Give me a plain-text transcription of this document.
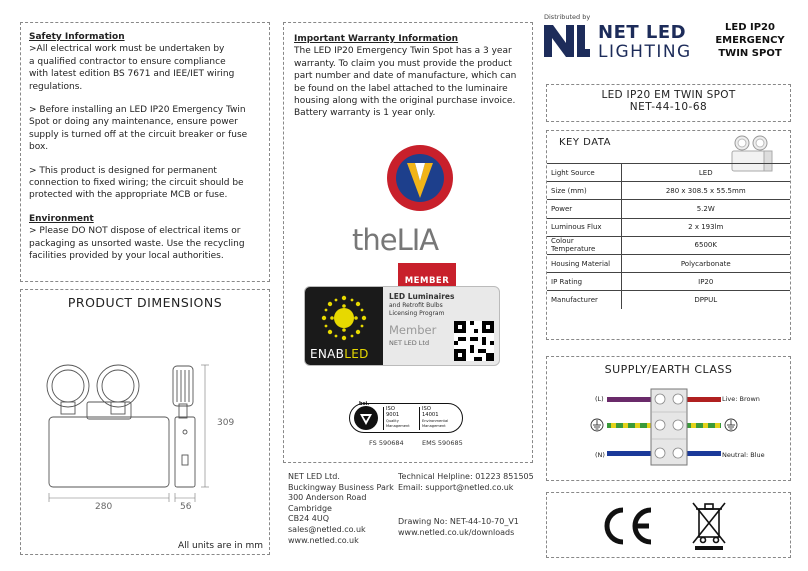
Safety Information
>All electrical work must be undertaken by
a qualified contractor to ensure compliance
with latest edition BS 7671 and IEE/IET wiring
regulations.
> Before installing an LED IP20 Emergency Twin
Spot or doing any maintenance, ensure power
supply is turned off at the circuit breaker or fuse
box.
> This product is designed for permanent
connection to fixed wiring; the circuit should be
protected with the appropriate MCB or fuse.
Environment
> Please DO NOT dispose of electrical items or
packaging as unsorted waste. Use the recycling
facilities provided by your local authorities.
PRODUCT DIMENSIONS
309
280	56
All units are in mm
Important Warranty Information
The LED IP20 Emergency Twin Spot has a 3 year
warranty. To claim you must provide the product
part number and date of manufacture, which can
be found on the label attached to the luminaire
housing along with the original purchase invoice.
Battery warranty is 1 year only.
theLIA
MEMBER
ENABLED
LED Luminaires
and Retrofit Bulbs
Licensing Program
Member
NET LED Ltd
bsi.
ISO
9001
Quality
Management
ISO
14001
Environmental
Management
FS 590684	EMS 590685
NET LED Ltd.
Buckingway Business Park
300 Anderson Road
Cambridge
CB24 4UQ
sales@netled.co.uk
www.netled.co.uk
Technical Helpline: 01223 851505
Email: support@netled.co.uk
Drawing No: NET-44-10-70_V1
www.netled.co.uk/downloads
Distributed by
NET LED
LIGHTING
LED IP20
EMERGENCY
TWIN SPOT
LED IP20 EM TWIN SPOT
NET-44-10-68
KEY DATA
Light Source	LED
Size (mm)	280 x 308.5 x 55.5mm
Power	5.2W
Luminous Flux	2 x 193lm
Colour Temperature	6500K
Housing Material	Polycarbonate
IP Rating	IP20
Manufacturer	DPPUL
SUPPLY/EARTH CLASS
(L)
(N)
Live: Brown
Neutral: Blue
